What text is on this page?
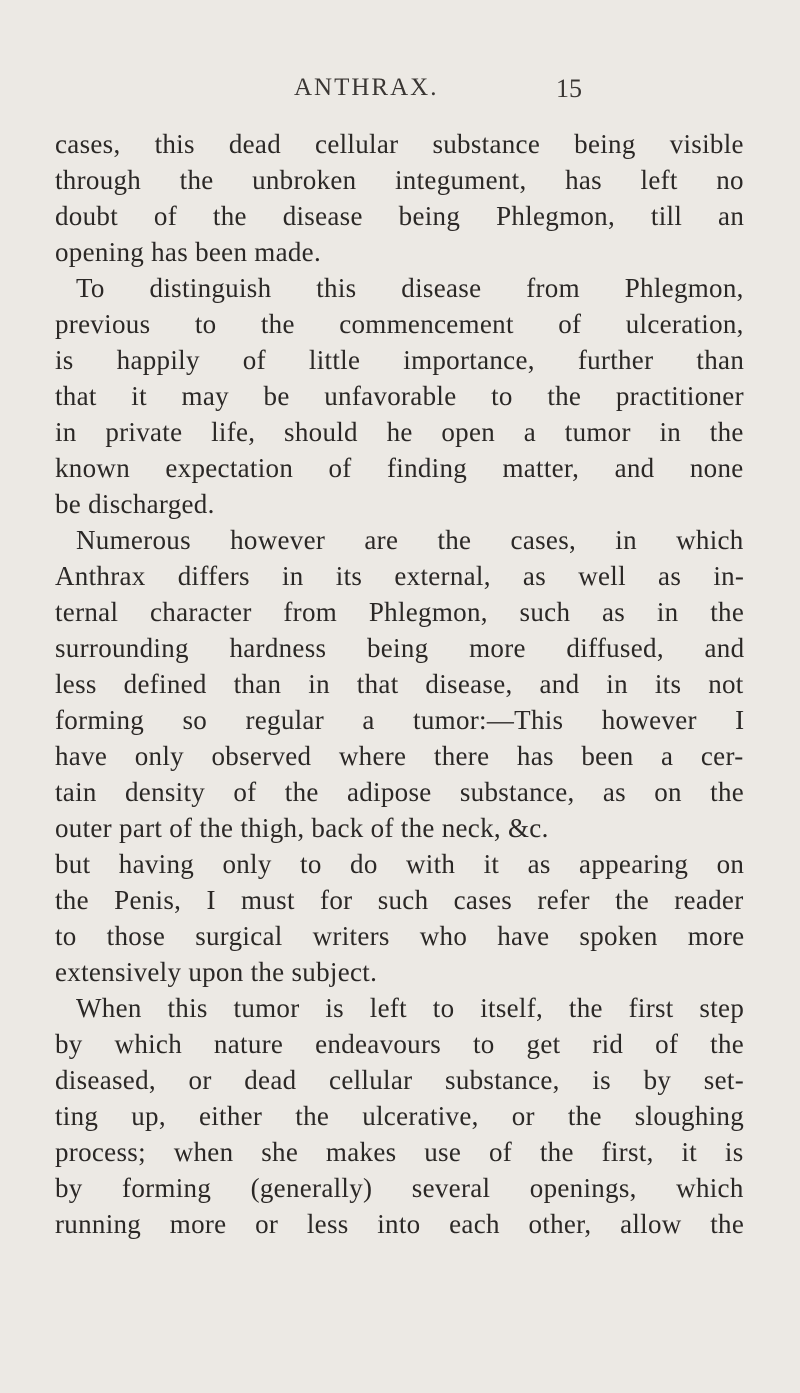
ANTHRAX.	15
cases, this dead cellular substance being visible
through the unbroken integument, has left no
doubt of the disease being Phlegmon, till an
opening has been made.
To distinguish this disease from Phlegmon,
previous to the commencement of ulceration,
is happily of little importance, further than
that it may be unfavorable to the practitioner
in private life, should he open a tumor in the
known expectation of finding matter, and none
be discharged.
Numerous however are the cases, in which
Anthrax differs in its external, as well as in-
ternal character from Phlegmon, such as in the
surrounding hardness being more diffused, and
less defined than in that disease, and in its not
forming so regular a tumor:—This however I
have only observed where there has been a cer-
tain density of the adipose substance, as on the
outer part of the thigh, back of the neck, &c.
but having only to do with it as appearing on
the Penis, I must for such cases refer the reader
to those surgical writers who have spoken more
extensively upon the subject.
When this tumor is left to itself, the first step
by which nature endeavours to get rid of the
diseased, or dead cellular substance, is by set-
ting up, either the ulcerative, or the sloughing
process; when she makes use of the first, it is
by forming (generally) several openings, which
running more or less into each other, allow the
